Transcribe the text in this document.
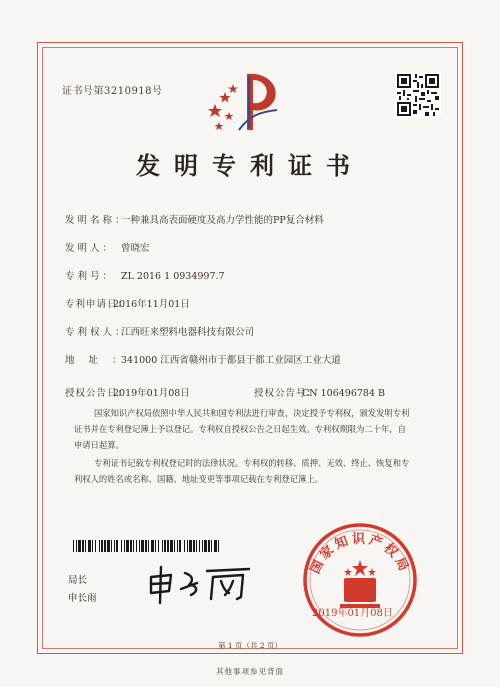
证书号第3210918号
发明专利证书
发明名称：一种兼具高表面硬度及高力学性能的PP复合材料
发明人： 曾晓宏
专利号： ZL 2016 1 0934997.7
专利申请日：2016年11月01日
专利权人：江西旺来塑料电器科技有限公司
地址：341000 江西省赣州市于都县于都工业园区工业大道
授权公告日：2019年01月08日	授权公告号：CN 106496784 B
国家知识产权局依照中华人民共和国专利法进行审查，决定授予专利权，颁发发明专利
证书并在专利登记簿上予以登记。专利权自授权公告之日起生效。专利权期限为二十年，自
申请日起算。
专利证书记载专利权登记时的法律状况。专利权的转移、质押、无效、终止、恢复和专
利权人的姓名或名称、国籍、地址变更等事项记载在专利登记簿上。
局长
申长雨
国家知识产权局
2019年01月08日
第 1 页（共 2 页）
其他事项参见背面
